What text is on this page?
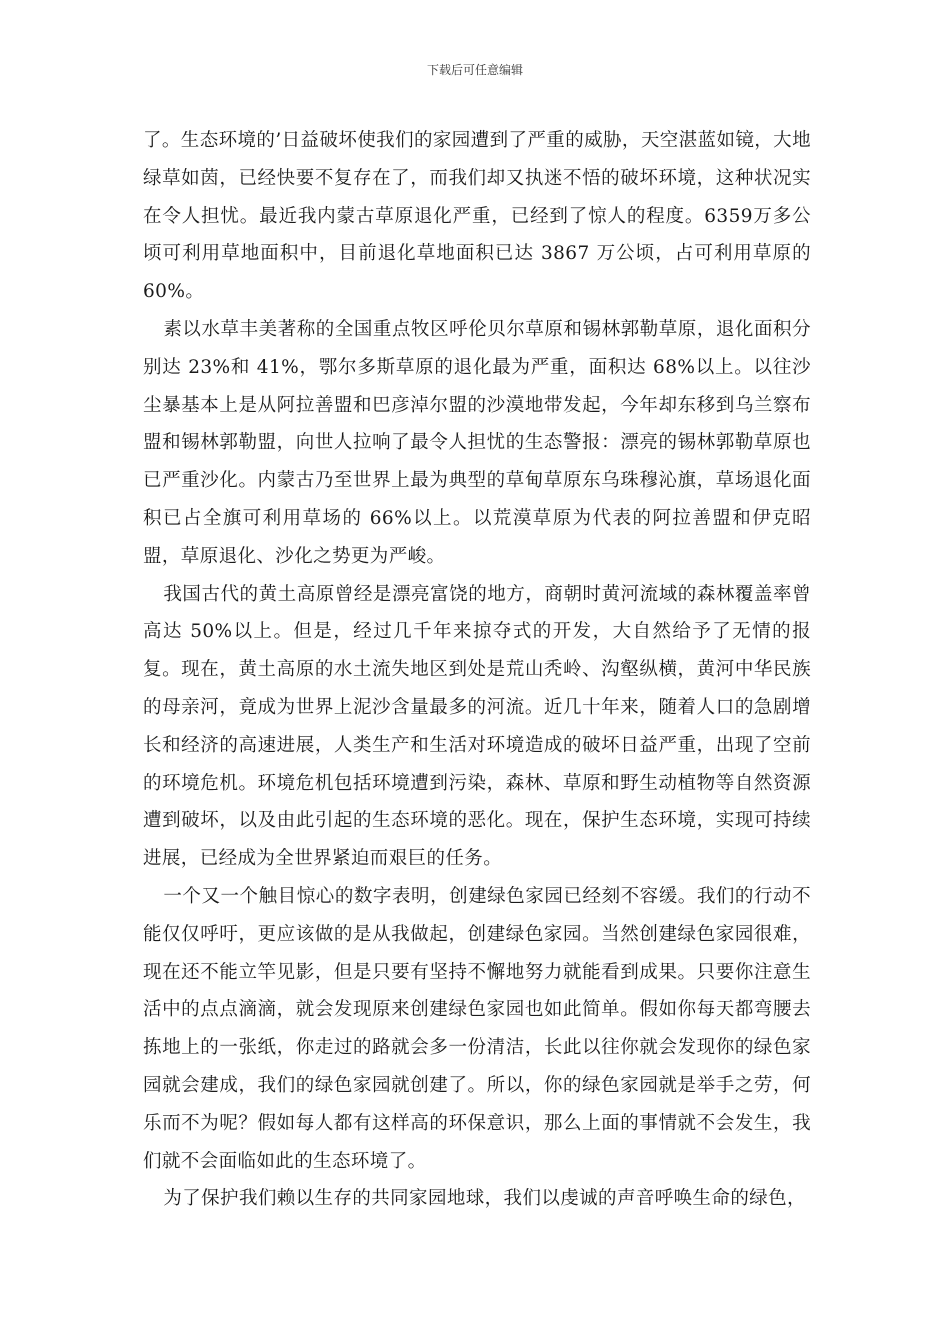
下载后可任意编辑

了。生态环境的’日益破坏使我们的家园遭到了严重的威胁，天空湛蓝如镜，大地绿草如茵，已经快要不复存在了，而我们却又执迷不悟的破坏环境，这种状况实在令人担忧。最近我内蒙古草原退化严重，已经到了惊人的程度。6359万多公顷可利用草地面积中，目前退化草地面积已达 3867 万公顷，占可利用草原的 60%。

素以水草丰美著称的全国重点牧区呼伦贝尔草原和锡林郭勒草原，退化面积分别达 23%和 41%，鄂尔多斯草原的退化最为严重，面积达 68%以上。以往沙尘暴基本上是从阿拉善盟和巴彦淖尔盟的沙漠地带发起，今年却东移到乌兰察布盟和锡林郭勒盟，向世人拉响了最令人担忧的生态警报：漂亮的锡林郭勒草原也已严重沙化。内蒙古乃至世界上最为典型的草甸草原东乌珠穆沁旗，草场退化面积已占全旗可利用草场的 66%以上。以荒漠草原为代表的阿拉善盟和伊克昭盟，草原退化、沙化之势更为严峻。

我国古代的黄土高原曾经是漂亮富饶的地方，商朝时黄河流域的森林覆盖率曾高达 50%以上。但是，经过几千年来掠夺式的开发，大自然给予了无情的报复。现在，黄土高原的水土流失地区到处是荒山秃岭、沟壑纵横，黄河中华民族的母亲河，竟成为世界上泥沙含量最多的河流。近几十年来，随着人口的急剧增长和经济的高速进展，人类生产和生活对环境造成的破坏日益严重，出现了空前的环境危机。环境危机包括环境遭到污染，森林、草原和野生动植物等自然资源遭到破坏，以及由此引起的生态环境的恶化。现在，保护生态环境，实现可持续进展，已经成为全世界紧迫而艰巨的任务。

一个又一个触目惊心的数字表明，创建绿色家园已经刻不容缓。我们的行动不能仅仅呼吁，更应该做的是从我做起，创建绿色家园。当然创建绿色家园很难，现在还不能立竿见影，但是只要有坚持不懈地努力就能看到成果。只要你注意生活中的点点滴滴，就会发现原来创建绿色家园也如此简单。假如你每天都弯腰去拣地上的一张纸，你走过的路就会多一份清洁，长此以往你就会发现你的绿色家园就会建成，我们的绿色家园就创建了。所以，你的绿色家园就是举手之劳，何乐而不为呢？假如每人都有这样高的环保意识，那么上面的事情就不会发生，我们就不会面临如此的生态环境了。

为了保护我们赖以生存的共同家园地球，我们以虔诚的声音呼唤生命的绿色，
